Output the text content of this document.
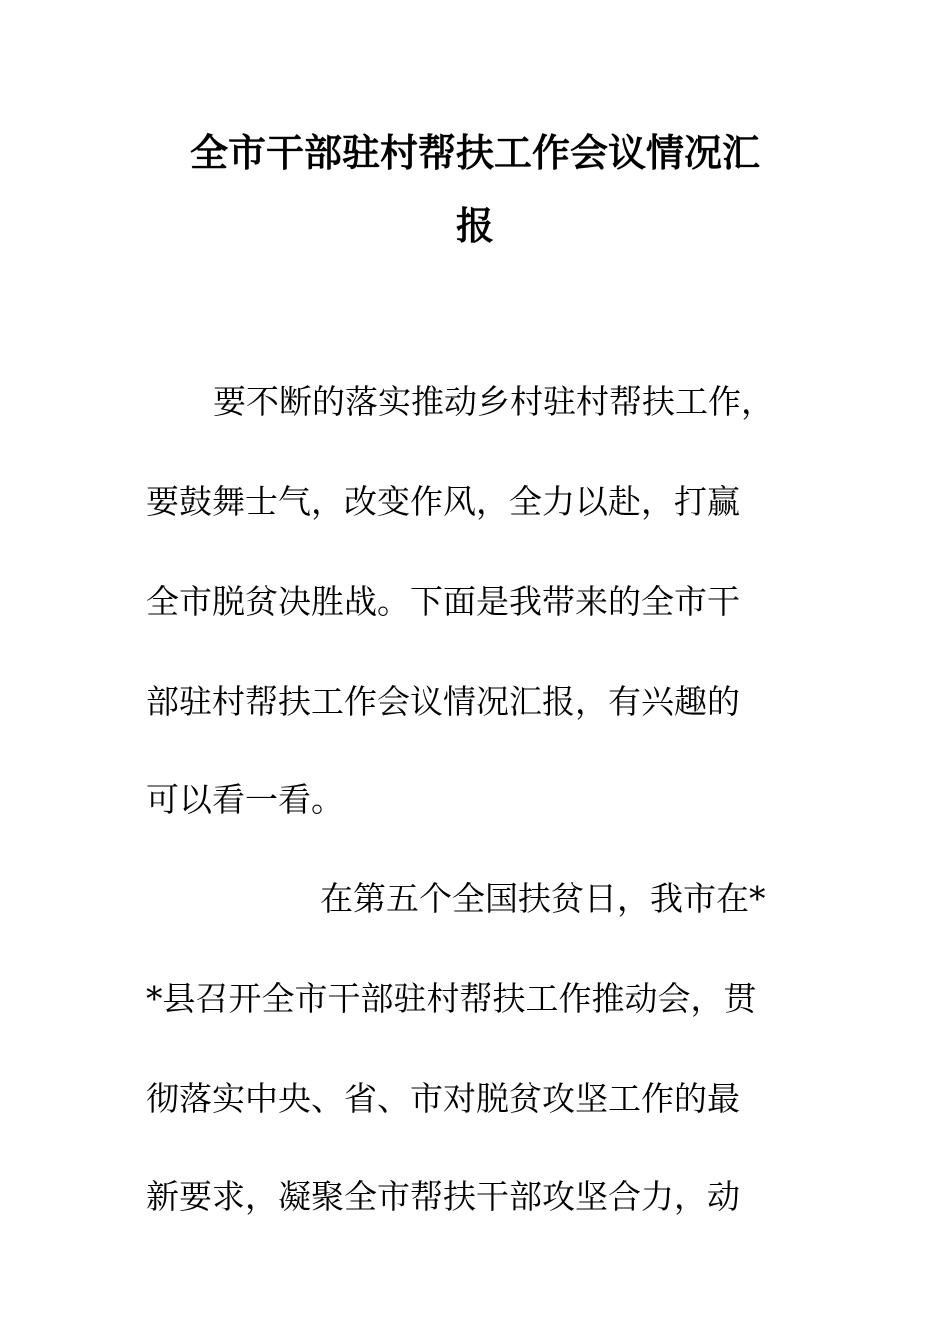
全市干部驻村帮扶工作会议情况汇
报
要不断的落实推动乡村驻村帮扶工作，
要鼓舞士气，改变作风，全力以赴，打赢
全市脱贫决胜战。下面是我带来的全市干
部驻村帮扶工作会议情况汇报，有兴趣的
可以看一看。
在第五个全国扶贫日，我市在*
*县召开全市干部驻村帮扶工作推动会，贯
彻落实中央、省、市对脱贫攻坚工作的最
新要求，凝聚全市帮扶干部攻坚合力，动
